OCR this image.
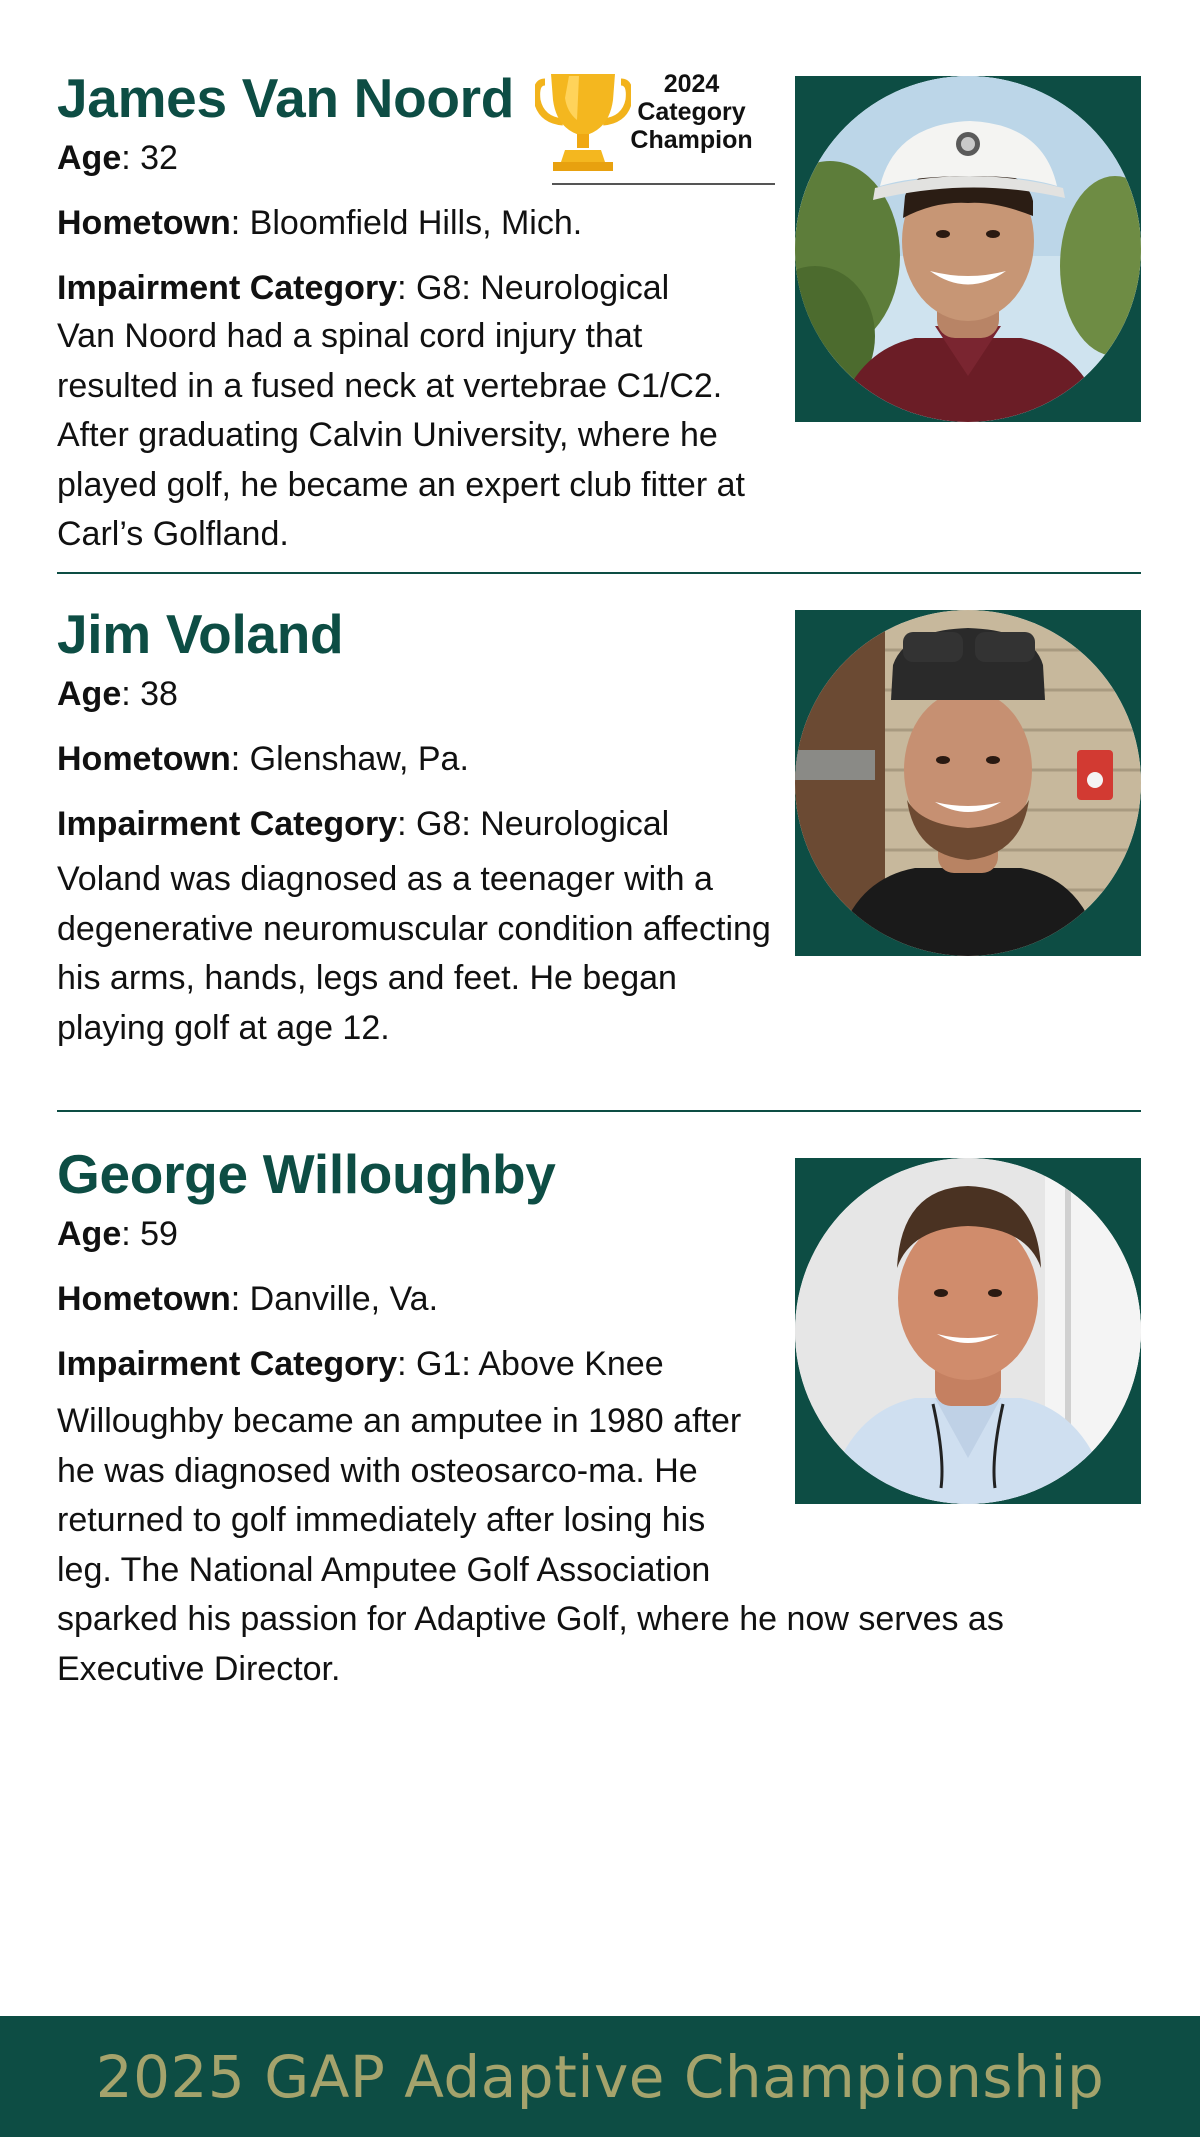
2024
Category
Champion
James Van Noord

Age: 32

Hometown: Bloomfield Hills, Mich.

Impairment Category: G8: Neurological

Van Noord had a spinal cord injury that resulted in a fused neck at vertebrae C1/C2. After graduating Calvin University, where he played golf, he became an expert club fitter at Carl’s Golfland.

Jim Voland

Age: 38

Hometown: Glenshaw, Pa.

Impairment Category: G8: Neurological

Voland was diagnosed as a teenager with a degenerative neuromuscular condition affecting his arms, hands, legs and feet. He began playing golf at age 12.

George Willoughby

Age: 59

Hometown: Danville, Va.

Impairment Category: G1: Above Knee

Willoughby became an amputee in 1980 after he was diagnosed with osteosarco-ma. He returned to golf immediately after losing his leg. The National Amputee Golf Association sparked his passion for Adaptive Golf, where he now serves as Executive Director.

2025 GAP Adaptive Championship
